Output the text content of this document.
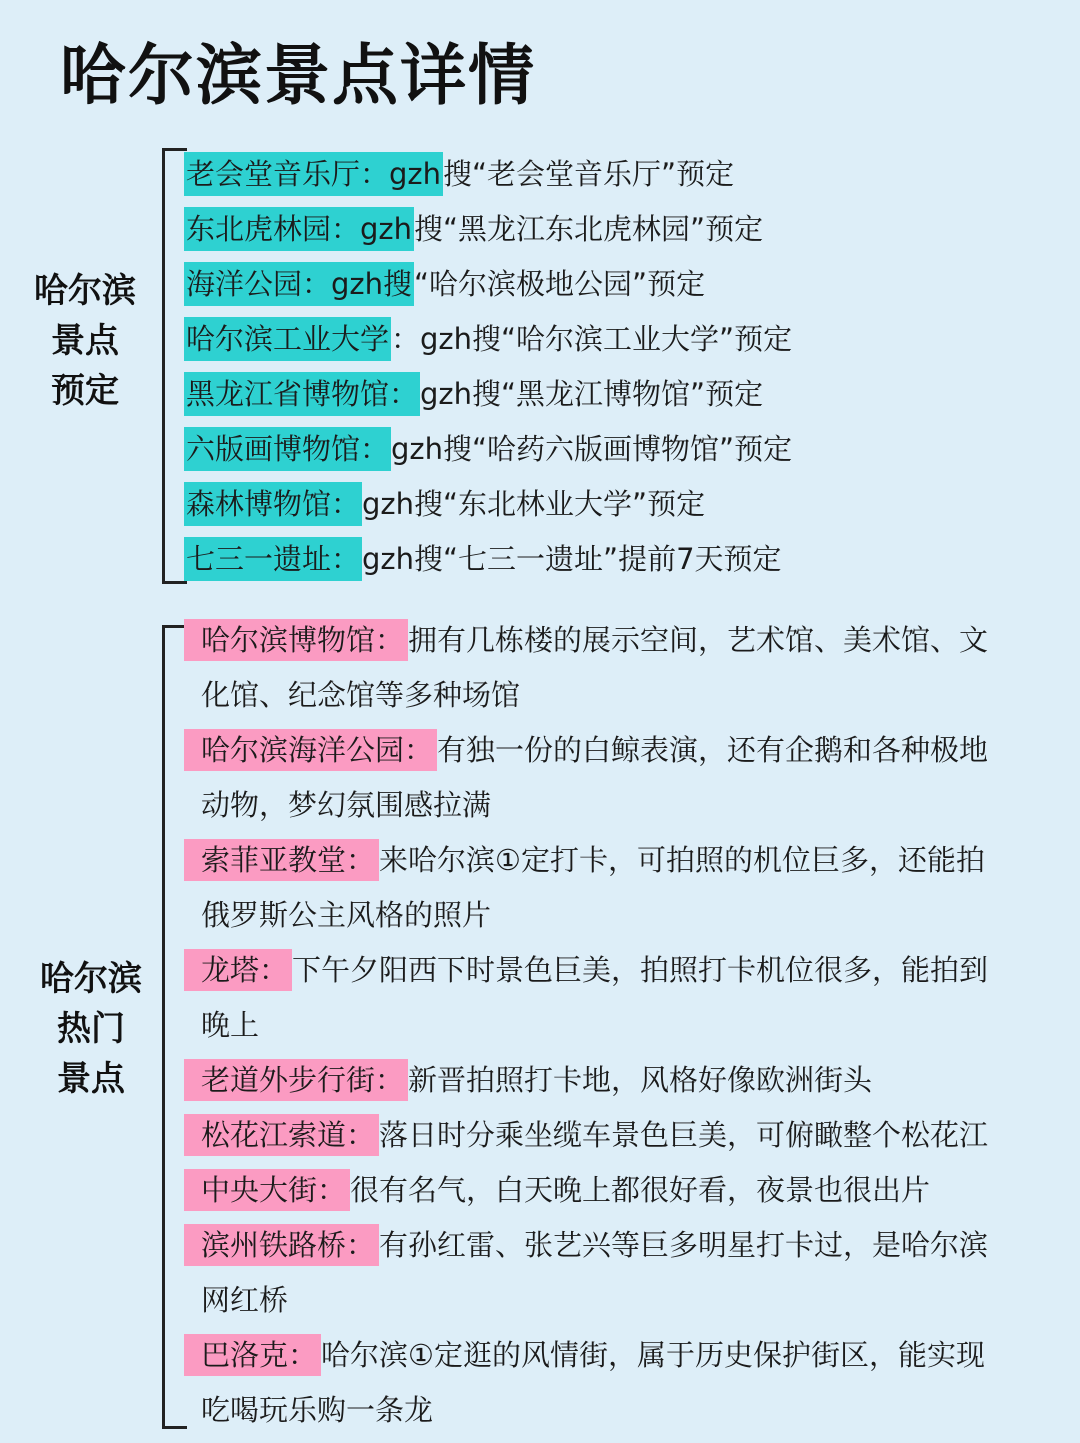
哈尔滨景点详情
哈尔滨
景点
预定
老会堂音乐厅：gzh 搜“老会堂音乐厅”预定
东北虎林园：gzh 搜“黑龙江东北虎林园”预定
海洋公园：gzh搜 “哈尔滨极地公园”预定
哈尔滨工业大学 ：gzh搜“哈尔滨工业大学”预定
黑龙江省博物馆： gzh搜“黑龙江博物馆”预定
六版画博物馆： gzh搜“哈药六版画博物馆”预定
森林博物馆： gzh搜“东北林业大学”预定
七三一遗址： gzh搜“七三一遗址”提前7天预定
哈尔滨
热门
景点
哈尔滨博物馆： 拥有几栋楼的展示空间，艺术馆、美术馆、文
化馆、纪念馆等多种场馆
哈尔滨海洋公园： 有独一份的白鲸表演，还有企鹅和各种极地
动物，梦幻氛围感拉满
索菲亚教堂： 来哈尔滨①定打卡，可拍照的机位巨多，还能拍
俄罗斯公主风格的照片
龙塔： 下午夕阳西下时景色巨美，拍照打卡机位很多，能拍到
晚上
老道外步行街： 新晋拍照打卡地，风格好像欧洲街头
松花江索道： 落日时分乘坐缆车景色巨美，可俯瞰整个松花江
中央大街： 很有名气，白天晚上都很好看，夜景也很出片
滨州铁路桥： 有孙红雷、张艺兴等巨多明星打卡过，是哈尔滨
网红桥
巴洛克： 哈尔滨①定逛的风情街，属于历史保护街区，能实现
吃喝玩乐购一条龙
